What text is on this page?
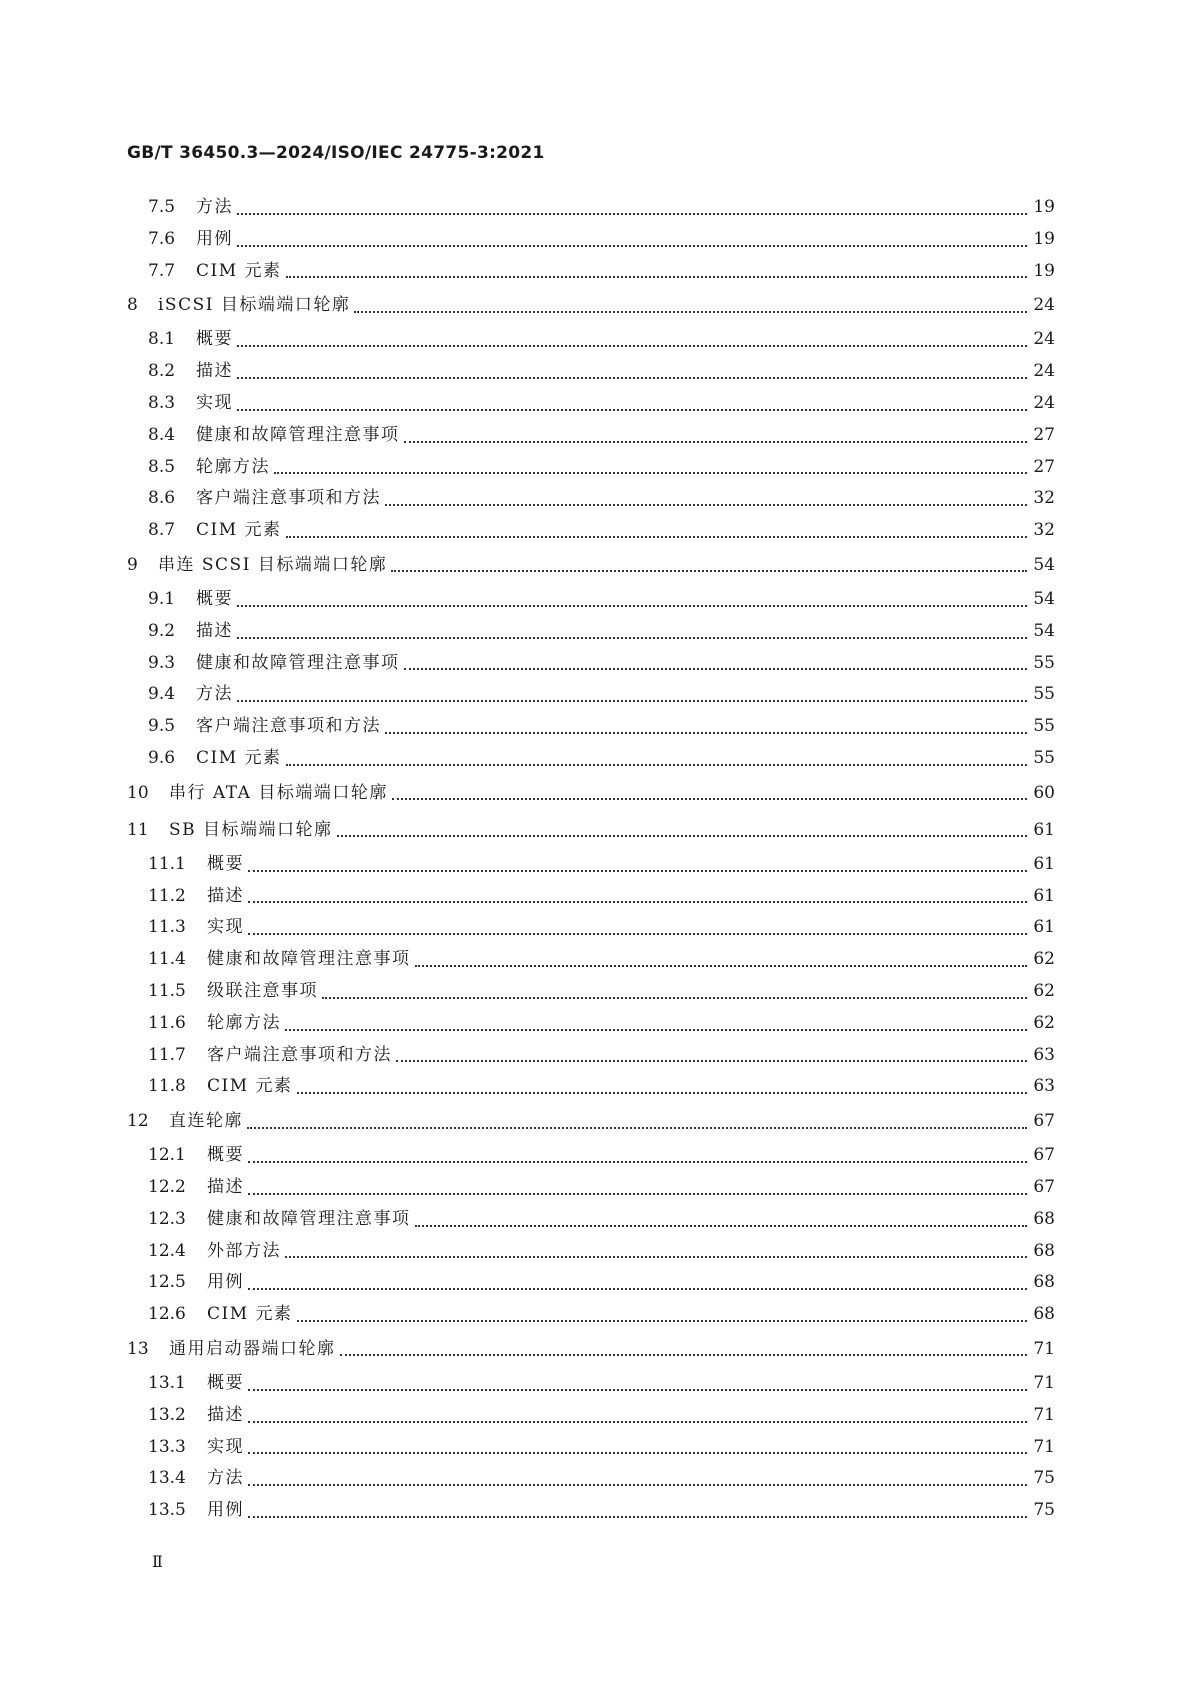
GB/T 36450.3—2024/ISO/IEC 24775-3:2021
7.5	方法	19
7.6	用例	19
7.7	CIM 元素	19
8	iSCSI 目标端端口轮廓	24
8.1	概要	24
8.2	描述	24
8.3	实现	24
8.4	健康和故障管理注意事项	27
8.5	轮廓方法	27
8.6	客户端注意事项和方法	32
8.7	CIM 元素	32
9	串连 SCSI 目标端端口轮廓	54
9.1	概要	54
9.2	描述	54
9.3	健康和故障管理注意事项	55
9.4	方法	55
9.5	客户端注意事项和方法	55
9.6	CIM 元素	55
10	串行 ATA 目标端端口轮廓	60
11	SB 目标端端口轮廓	61
11.1	概要	61
11.2	描述	61
11.3	实现	61
11.4	健康和故障管理注意事项	62
11.5	级联注意事项	62
11.6	轮廓方法	62
11.7	客户端注意事项和方法	63
11.8	CIM 元素	63
12	直连轮廓	67
12.1	概要	67
12.2	描述	67
12.3	健康和故障管理注意事项	68
12.4	外部方法	68
12.5	用例	68
12.6	CIM 元素	68
13	通用启动器端口轮廓	71
13.1	概要	71
13.2	描述	71
13.3	实现	71
13.4	方法	75
13.5	用例	75
Ⅱ
